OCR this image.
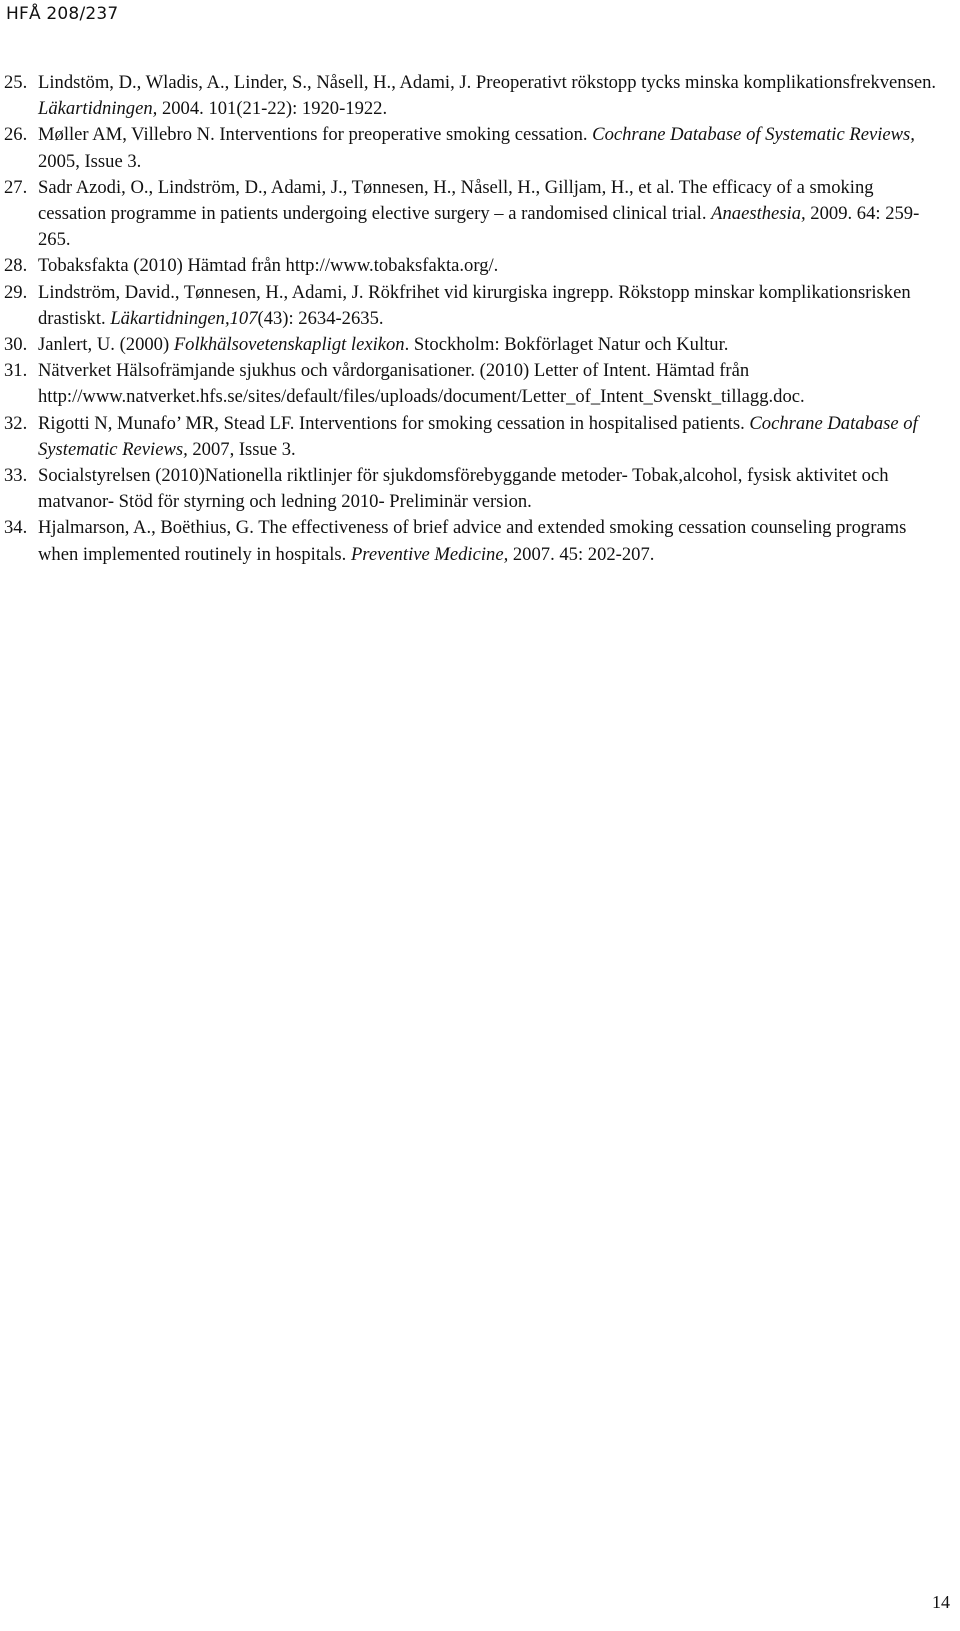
HFÅ 208/237
25. Lindstöm, D., Wladis, A., Linder, S., Nåsell, H., Adami, J. Preoperativt rökstopp tycks minska komplikationsfrekvensen. Läkartidningen, 2004. 101(21-22): 1920-1922.
26. Møller AM, Villebro N. Interventions for preoperative smoking cessation. Cochrane Database of Systematic Reviews, 2005, Issue 3.
27. Sadr Azodi, O., Lindström, D., Adami, J., Tønnesen, H., Nåsell, H., Gilljam, H., et al. The efficacy of a smoking cessation programme in patients undergoing elective surgery – a randomised clinical trial. Anaesthesia, 2009. 64: 259-265.
28. Tobaksfakta (2010) Hämtad från http://www.tobaksfakta.org/.
29. Lindström, David., Tønnesen, H., Adami, J. Rökfrihet vid kirurgiska ingrepp. Rökstopp minskar komplikationsrisken drastiskt. Läkartidningen,107(43): 2634-2635.
30. Janlert, U. (2000) Folkhälsovetenskapligt lexikon. Stockholm: Bokförlaget Natur och Kultur.
31. Nätverket Hälsofrämjande sjukhus och vårdorganisationer. (2010) Letter of Intent. Hämtad från http://www.natverket.hfs.se/sites/default/files/uploads/document/Letter_of_Intent_Svenskt_tillagg.doc.
32. Rigotti N, Munafo’ MR, Stead LF. Interventions for smoking cessation in hospitalised patients. Cochrane Database of Systematic Reviews, 2007, Issue 3.
33. Socialstyrelsen (2010)Nationella riktlinjer för sjukdomsförebyggande metoder- Tobak,alcohol, fysisk aktivitet och matvanor- Stöd för styrning och ledning 2010- Preliminär version.
34. Hjalmarson, A., Boëthius, G. The effectiveness of brief advice and extended smoking cessation counseling programs when implemented routinely in hospitals. Preventive Medicine, 2007. 45: 202-207.
14
